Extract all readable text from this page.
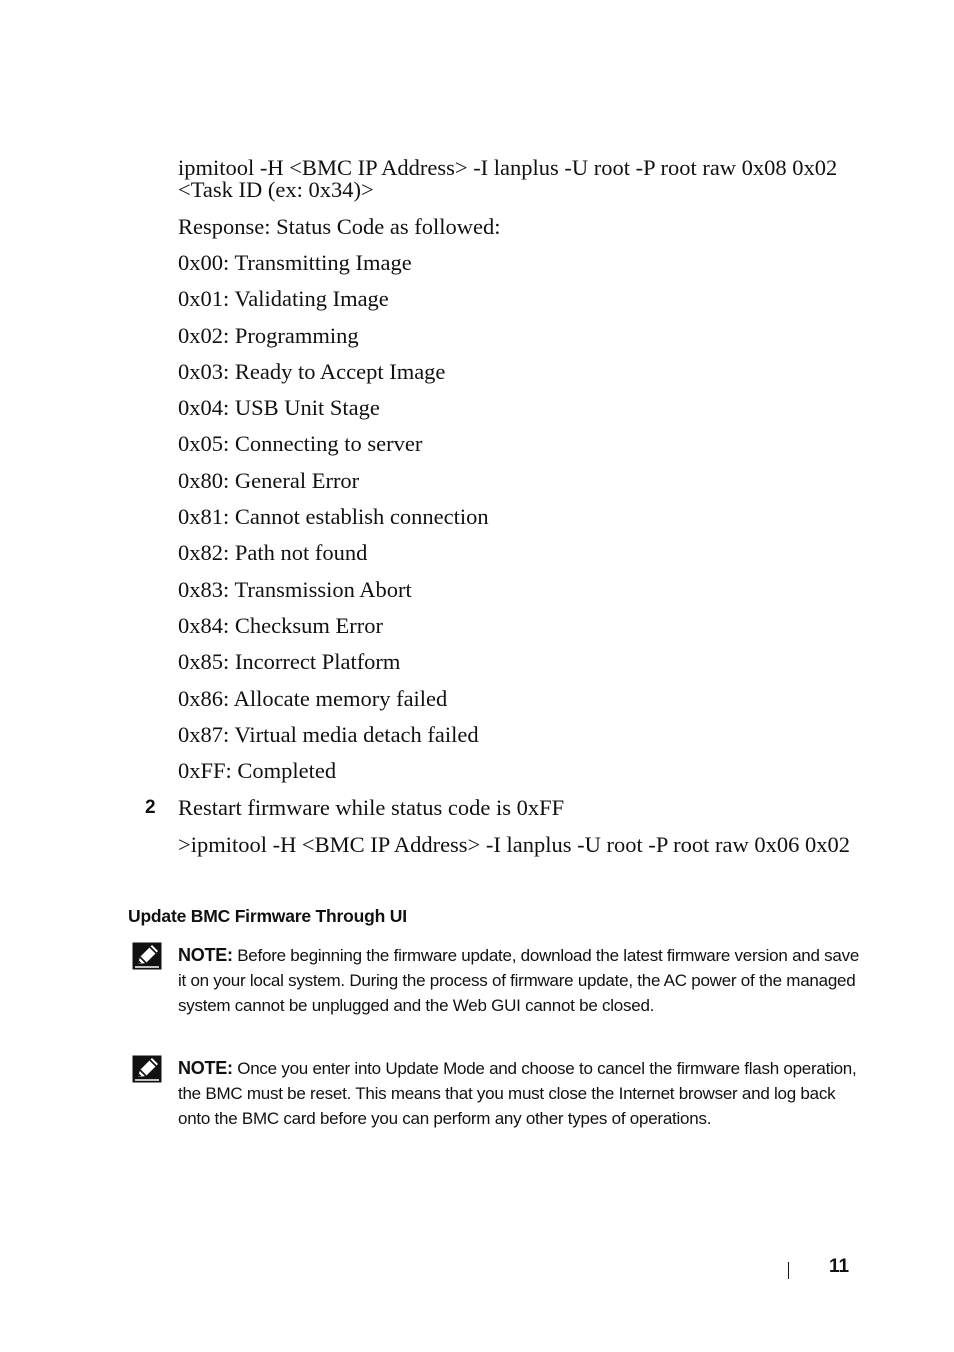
ipmitool -H <BMC IP Address> -I lanplus -U root -P root raw 0x08 0x02 <Task ID (ex: 0x34)>
Response: Status Code as followed:
0x00: Transmitting Image
0x01: Validating Image
0x02: Programming
0x03: Ready to Accept Image
0x04: USB Unit Stage
0x05: Connecting to server
0x80: General Error
0x81: Cannot establish connection
0x82: Path not found
0x83: Transmission Abort
0x84: Checksum Error
0x85: Incorrect Platform
0x86: Allocate memory failed
0x87: Virtual media detach failed
0xFF: Completed
2 Restart firmware while status code is 0xFF
>ipmitool -H <BMC IP Address> -I lanplus -U root -P root raw 0x06 0x02
Update BMC Firmware Through UI
NOTE: Before beginning the firmware update, download the latest firmware version and save it on your local system. During the process of firmware update, the AC power of the managed system cannot be unplugged and the Web GUI cannot be closed.
NOTE: Once you enter into Update Mode and choose to cancel the firmware flash operation, the BMC must be reset. This means that you must close the Internet browser and log back onto the BMC card before you can perform any other types of operations.
11
